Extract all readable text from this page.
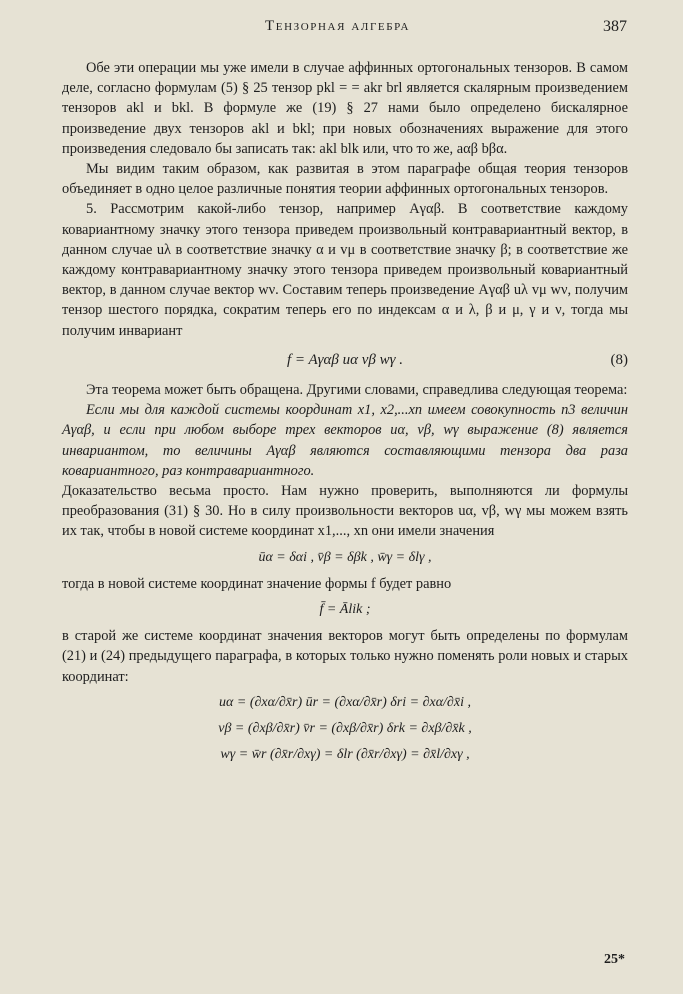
Тензорная алгебра	387

Обе эти операции мы уже имели в случае аффинных ортогональных тензоров. В самом деле, согласно формулам (5) § 25 тензор pkl = = akr brl является скалярным произведением тензоров akl и bkl. В формуле же (19) § 27 нами было определено бискалярное произведение двух тензоров akl и bkl; при новых обозначениях выражение для этого произведения следовало бы записать так: akl blk или, что то же, aαβ bβα.

Мы видим таким образом, как развитая в этом параграфе общая теория тензоров объединяет в одно целое различные понятия теории аффинных ортогональных тензоров.

5. Рассмотрим какой-либо тензор, например Aγαβ. В соответствие каждому ковариантному значку этого тензора приведем произвольный контравариантный вектор, в данном случае uλ в соответствие значку α и vμ в соответствие значку β; в соответствие же каждому контравариантному значку этого тензора приведем произвольный ковариантный вектор, в данном случае вектор wν. Составим теперь произведение Aγαβ uλ vμ wν, получим тензор шестого порядка, сократим теперь его по индексам α и λ, β и μ, γ и ν, тогда мы получим инвариант

f = Aγαβ uα vβ wγ .	(8)

Эта теорема может быть обращена. Другими словами, справедлива следующая теорема:

Если мы для каждой системы координат x1, x2,...xn имеем совокупность n3 величин Aγαβ, и если при любом выборе трех векторов uα, vβ, wγ выражение (8) является инвариантом, то величины Aγαβ являются составляющими тензора два раза ковариантного, раз контравариантного.

Доказательство весьма просто. Нам нужно проверить, выполняются ли формулы преобразования (31) § 30. Но в силу произвольности векторов uα, vβ, wγ мы можем взять их так, чтобы в новой системе координат x1,..., xn они имели значения

ūα = δαi , v̄β = δβk , w̄γ = δlγ ,

тогда в новой системе координат значение формы f будет равно

f̄ = Ālik ;

в старой же системе координат значения векторов могут быть определены по формулам (21) и (24) предыдущего параграфа, в которых только нужно поменять роли новых и старых координат:

uα = (∂xα/∂x̄r) ūr = (∂xα/∂x̄r) δri = ∂xα/∂x̄i ,
vβ = (∂xβ/∂x̄r) v̄r = (∂xβ/∂x̄r) δrk = ∂xβ/∂x̄k ,
wγ = w̄r (∂x̄r/∂xγ) = δlr (∂x̄r/∂xγ) = ∂x̄l/∂xγ ,
25*
